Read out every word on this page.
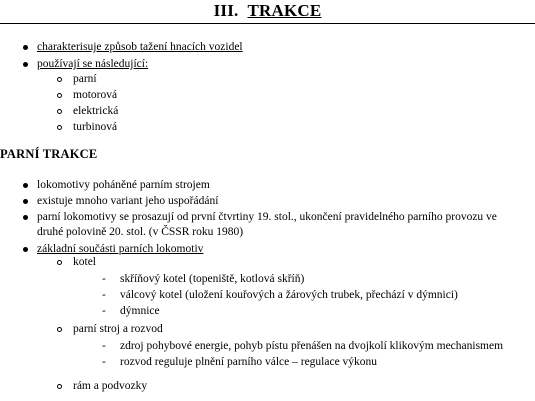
III. TRAKCE
charakterisuje způsob tažení hnacích vozidel
používají se následující:
parní
motorová
elektrická
turbinová
PARNÍ TRAKCE
lokomotivy poháněné parním strojem
existuje mnoho variant jeho uspořádání
parní lokomotivy se prosazují od první čtvrtiny 19. stol., ukončení pravidelného parního provozu ve
druhé polovině 20. stol. (v ČSSR roku 1980)
základní součásti parních lokomotiv
kotel
- skříňový kotel (topeniště, kotlová skříň)
- válcový kotel (uložení kouřových a žárových trubek, přechází v dýmnici)
- dýmnice
parní stroj a rozvod
- zdroj pohybové energie, pohyb pístu přenášen na dvojkolí klikovým mechanismem
- rozvod reguluje plnění parního válce – regulace výkonu
rám a podvozky
